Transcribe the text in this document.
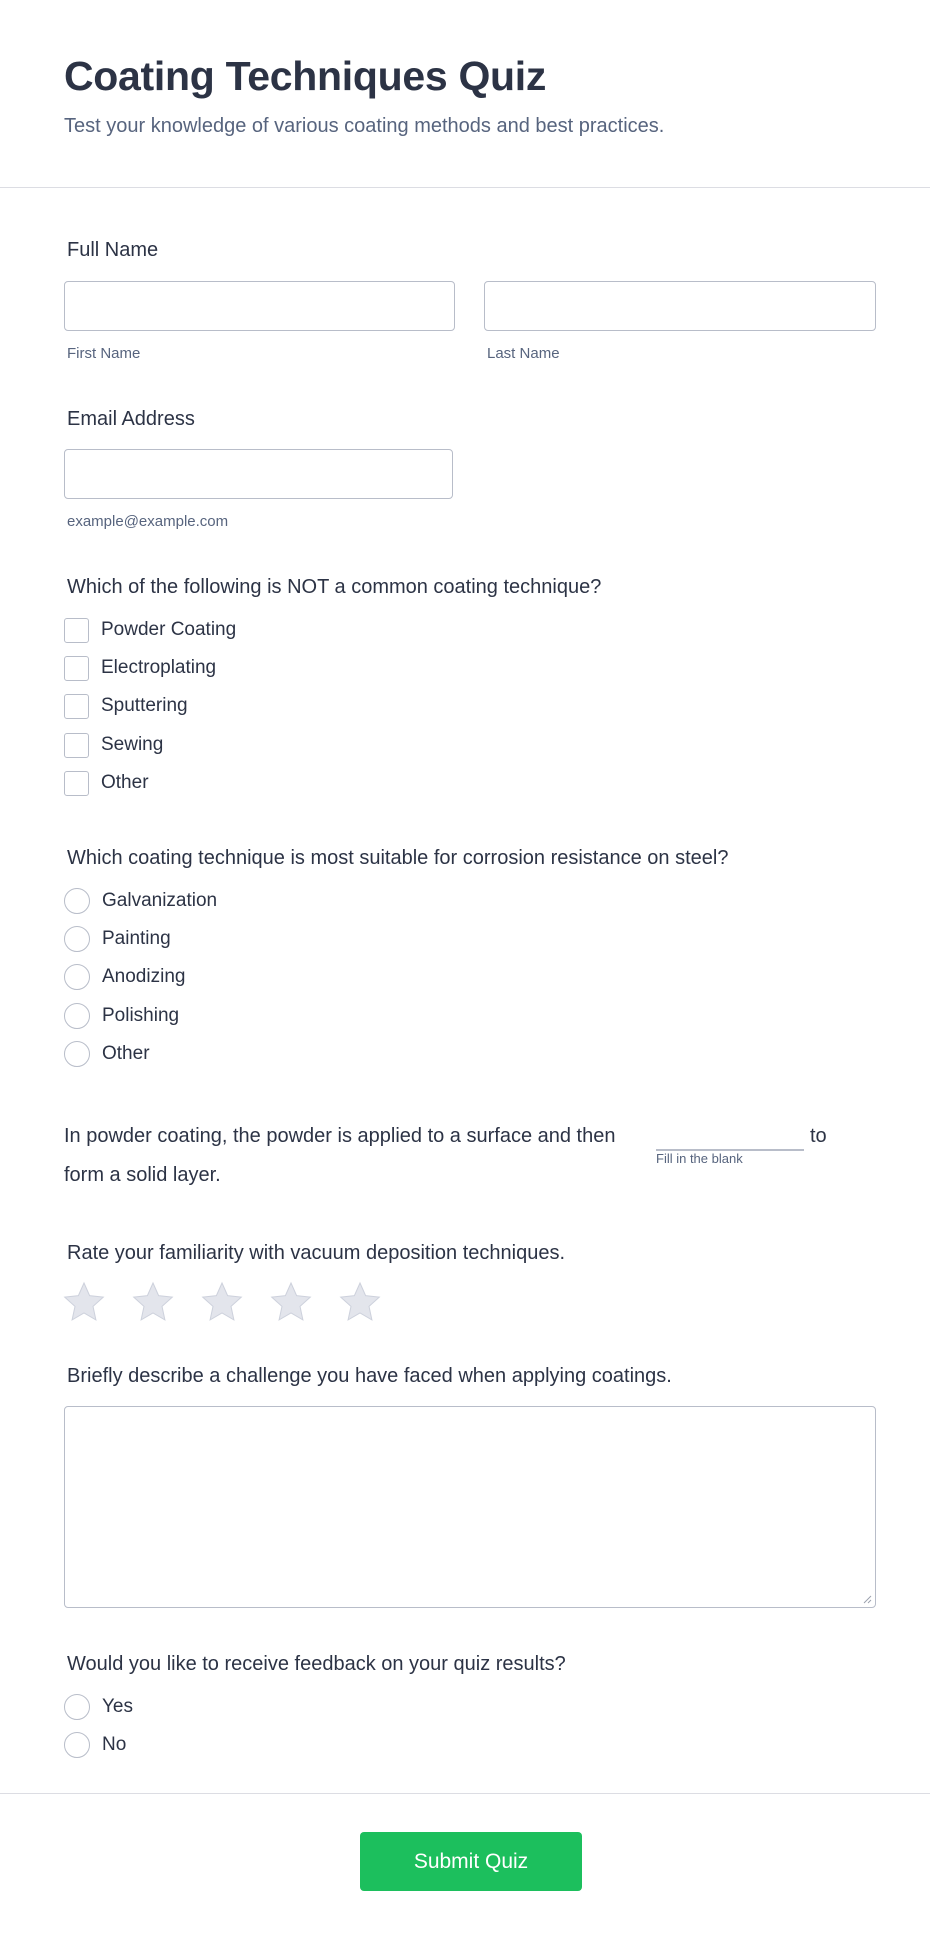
Coating Techniques Quiz
Test your knowledge of various coating methods and best practices.
Full Name
First Name	Last Name
Email Address
example@example.com
Which of the following is NOT a common coating technique?
Powder Coating
Electroplating
Sputtering
Sewing
Other
Which coating technique is most suitable for corrosion resistance on steel?
Galvanization
Painting
Anodizing
Polishing
Other
In powder coating, the powder is applied to a surface and then
Fill in the blank
to
form a solid layer.
Rate your familiarity with vacuum deposition techniques.
Briefly describe a challenge you have faced when applying coatings.
Would you like to receive feedback on your quiz results?
Yes
No
Submit Quiz
